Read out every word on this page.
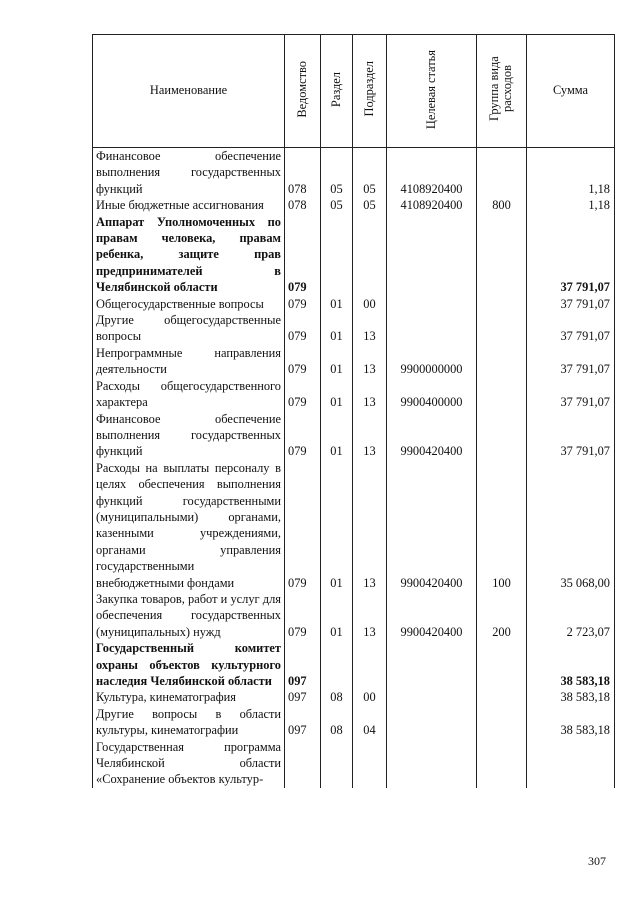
Наименование	Ведомство	Раздел	Подраздел	Целевая статья	Группа вида расходов	Сумма
Финансовое обеспечение выполнения государственных функций	078	05	05	4108920400		1,18
Иные бюджетные ассигнования	078	05	05	4108920400	800	1,18
Аппарат Уполномоченных по правам человека, правам ребенка, защите прав предпринимателей в Челябинской области	079					37 791,07
Общегосударственные вопросы	079	01	00			37 791,07
Другие общегосударственные вопросы	079	01	13			37 791,07
Непрограммные направления деятельности	079	01	13	9900000000		37 791,07
Расходы общегосударственного характера	079	01	13	9900400000		37 791,07
Финансовое обеспечение выполнения государственных функций	079	01	13	9900420400		37 791,07
Расходы на выплаты персоналу в целях обеспечения выполнения функций государственными (муниципальными) органами, казенными учреждениями, органами управления государственными внебюджетными фондами	079	01	13	9900420400	100	35 068,00
Закупка товаров, работ и услуг для обеспечения государственных (муниципальных) нужд	079	01	13	9900420400	200	2 723,07
Государственный комитет охраны объектов культурного наследия Челябинской области	097					38 583,18
Культура, кинематография	097	08	00			38 583,18
Другие вопросы в области культуры, кинематографии	097	08	04			38 583,18
Государственная программа Челябинской области «Сохранение объектов культур-						
307
